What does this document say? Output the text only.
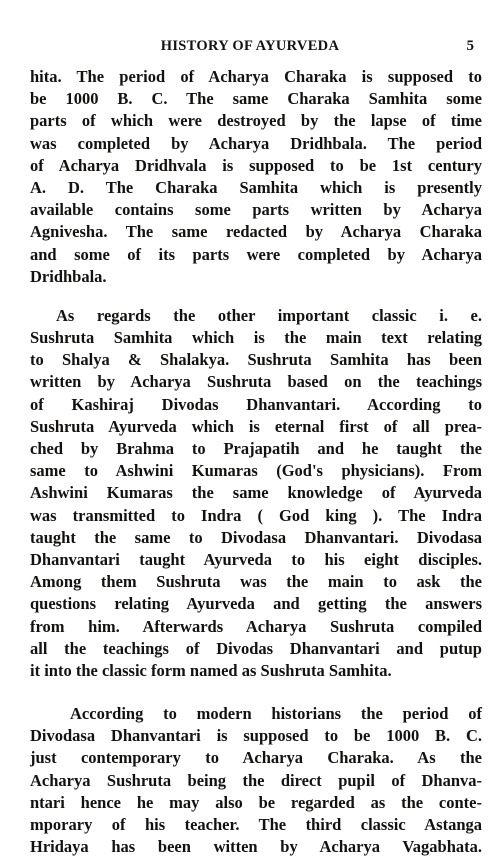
HISTORY OF AYURVEDA	5

hita. The period of Acharya Charaka is supposed to
be 1000 B. C. The same Charaka Samhita some
parts of which were destroyed by the lapse of time
was completed by Acharya Dridhbala. The period
of Acharya Dridhvala is supposed to be 1st century
A. D. The Charaka Samhita which is presently
available contains some parts written by Acharya
Agnivesha. The same redacted by Acharya Charaka
and some of its parts were completed by Acharya
Dridhbala.

As regards the other important classic i. e.
Sushruta Samhita which is the main text relating
to Shalya & Shalakya. Sushruta Samhita has been
written by Acharya Sushruta based on the teachings
of Kashiraj Divodas Dhanvantari. According to
Sushruta Ayurveda which is eternal first of all prea-
ched by Brahma to Prajapatih and he taught the
same to Ashwini Kumaras (God's physicians). From
Ashwini Kumaras the same knowledge of Ayurveda
was transmitted to Indra ( God king ). The Indra
taught the same to Divodasa Dhanvantari. Divodasa
Dhanvantari taught Ayurveda to his eight disciples.
Among them Sushruta was the main to ask the
questions relating Ayurveda and getting the answers
from him. Afterwards Acharya Sushruta compiled
all the teachings of Divodas Dhanvantari and putup
it into the classic form named as Sushruta Samhita.

According to modern historians the period of
Divodasa Dhanvantari is supposed to be 1000 B. C.
just contemporary to Acharya Charaka. As the
Acharya Sushruta being the direct pupil of Dhanva-
ntari hence he may also be regarded as the conte-
mporary of his teacher. The third classic Astanga
Hridaya has been witten by Acharya Vagabhata.
